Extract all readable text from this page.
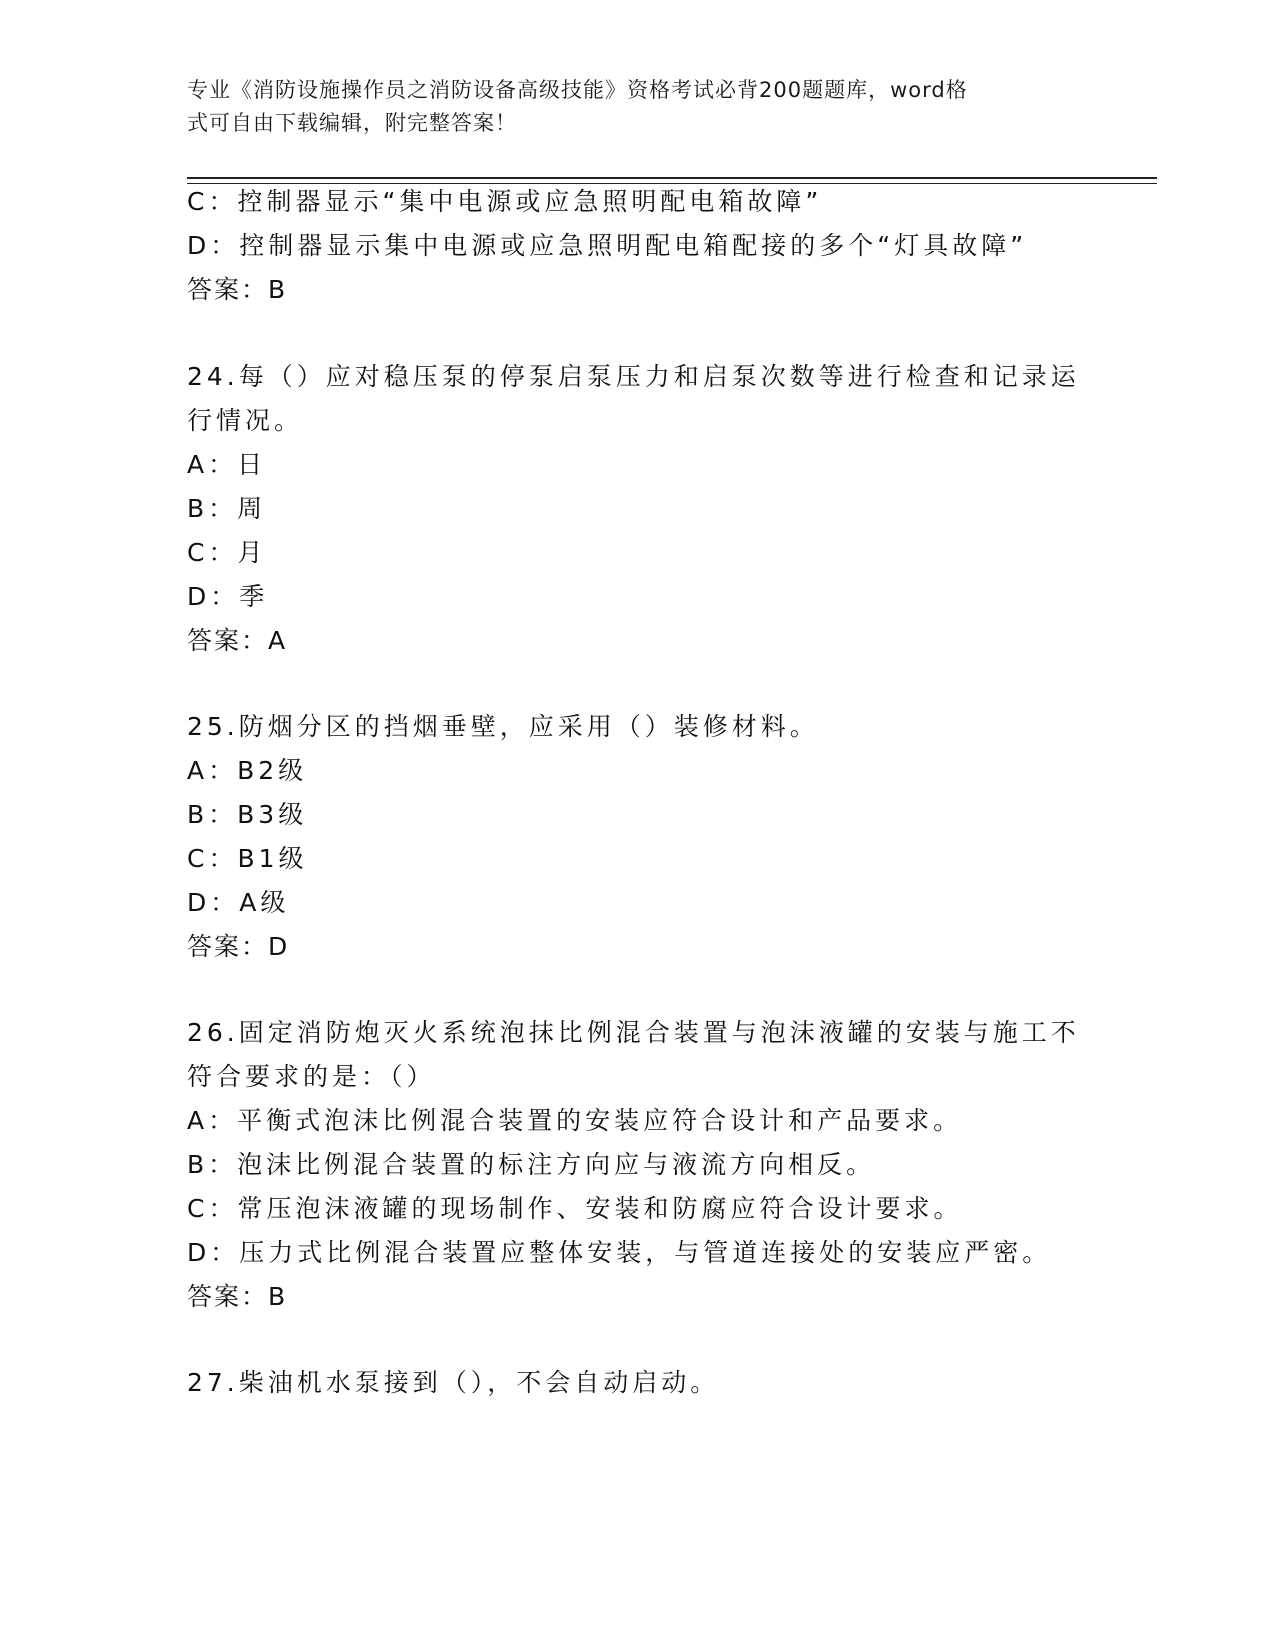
专业《消防设施操作员之消防设备高级技能》资格考试必背200题题库，word格
式可自由下载编辑，附完整答案！
C：控制器显示“集中电源或应急照明配电箱故障”
D：控制器显示集中电源或应急照明配电箱配接的多个“灯具故障”
答案：B
24.每（）应对稳压泵的停泵启泵压力和启泵次数等进行检查和记录运
行情况。
A：日
B：周
C：月
D：季
答案：A
25.防烟分区的挡烟垂壁，应采用（）装修材料。
A：B2级
B：B3级
C：B1级
D：A级
答案：D
26.固定消防炮灭火系统泡抹比例混合装置与泡沫液罐的安装与施工不
符合要求的是：（）
A：平衡式泡沫比例混合装置的安装应符合设计和产品要求。
B：泡沫比例混合装置的标注方向应与液流方向相反。
C：常压泡沫液罐的现场制作、安装和防腐应符合设计要求。
D：压力式比例混合装置应整体安装，与管道连接处的安装应严密。
答案：B
27.柴油机水泵接到（），不会自动启动。
